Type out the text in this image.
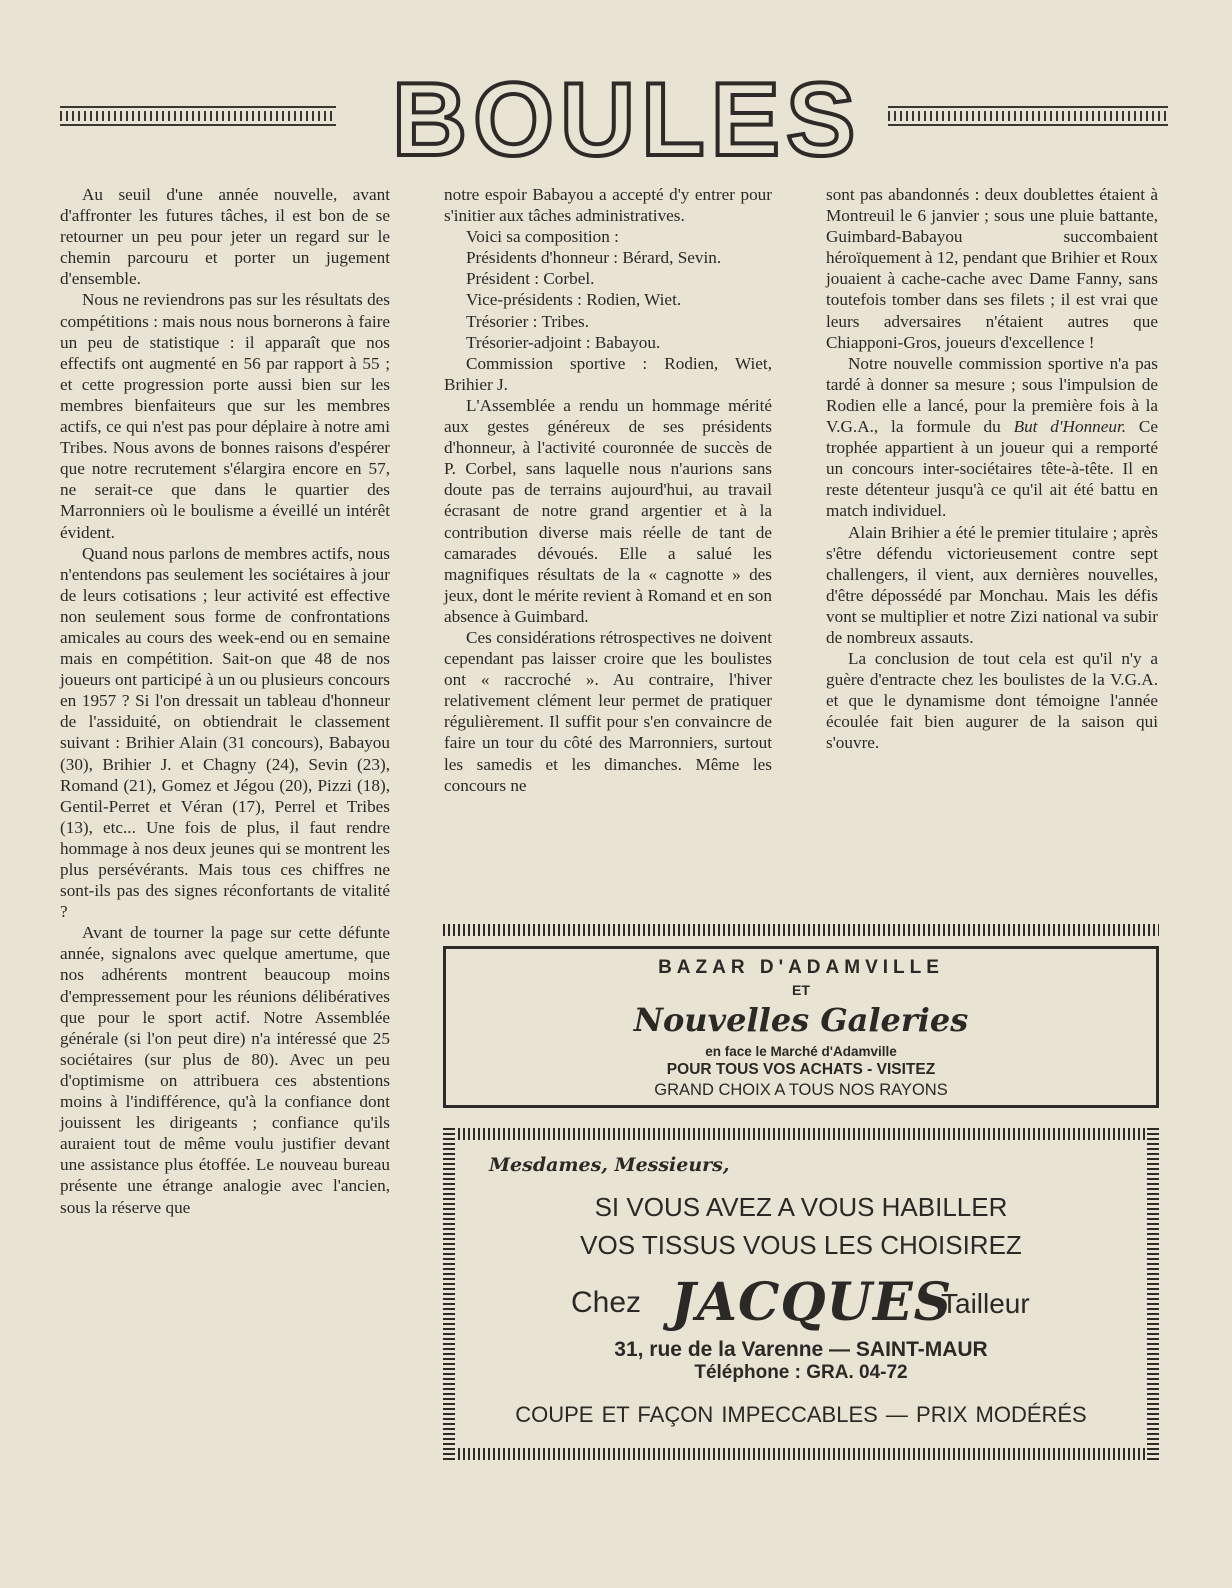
BOULES

Au seuil d'une année nouvelle, avant d'affronter les futures tâches, il est bon de se retourner un peu pour jeter un regard sur le chemin parcouru et porter un jugement d'ensemble.

Nous ne reviendrons pas sur les résultats des compétitions : mais nous nous bornerons à faire un peu de statistique : il apparaît que nos effectifs ont augmenté en 56 par rapport à 55 ; et cette progression porte aussi bien sur les membres bienfaiteurs que sur les membres actifs, ce qui n'est pas pour déplaire à notre ami Tribes. Nous avons de bonnes raisons d'espérer que notre recrutement s'élargira encore en 57, ne serait-ce que dans le quartier des Marronniers où le boulisme a éveillé un intérêt évident.

Quand nous parlons de membres actifs, nous n'entendons pas seulement les sociétaires à jour de leurs cotisations ; leur activité est effective non seulement sous forme de confrontations amicales au cours des week-end ou en semaine mais en compétition. Sait-on que 48 de nos joueurs ont participé à un ou plusieurs concours en 1957 ? Si l'on dressait un tableau d'honneur de l'assiduité, on obtiendrait le classement suivant : Brihier Alain (31 concours), Babayou (30), Brihier J. et Chagny (24), Sevin (23), Romand (21), Gomez et Jégou (20), Pizzi (18), Gentil-Perret et Véran (17), Perrel et Tribes (13), etc... Une fois de plus, il faut rendre hommage à nos deux jeunes qui se montrent les plus persévérants. Mais tous ces chiffres ne sont-ils pas des signes réconfortants de vitalité ?

Avant de tourner la page sur cette défunte année, signalons avec quelque amertume, que nos adhérents montrent beaucoup moins d'empressement pour les réunions délibératives que pour le sport actif. Notre Assemblée générale (si l'on peut dire) n'a intéressé que 25 sociétaires (sur plus de 80). Avec un peu d'optimisme on attribuera ces abstentions moins à l'indifférence, qu'à la confiance dont jouissent les dirigeants ; confiance qu'ils auraient tout de même voulu justifier devant une assistance plus étoffée. Le nouveau bureau présente une étrange analogie avec l'ancien, sous la réserve que

notre espoir Babayou a accepté d'y entrer pour s'initier aux tâches administratives.

Voici sa composition :

Présidents d'honneur : Bérard, Sevin.

Président : Corbel.

Vice-présidents : Rodien, Wiet.

Trésorier : Tribes.

Trésorier-adjoint : Babayou.

Commission sportive : Rodien, Wiet, Brihier J.

L'Assemblée a rendu un hommage mérité aux gestes généreux de ses présidents d'honneur, à l'activité couronnée de succès de P. Corbel, sans laquelle nous n'aurions sans doute pas de terrains aujourd'hui, au travail écrasant de notre grand argentier et à la contribution diverse mais réelle de tant de camarades dévoués. Elle a salué les magnifiques résultats de la « cagnotte » des jeux, dont le mérite revient à Romand et en son absence à Guimbard.

Ces considérations rétrospectives ne doivent cependant pas laisser croire que les boulistes ont « raccroché ». Au contraire, l'hiver relativement clément leur permet de pratiquer régulièrement. Il suffit pour s'en convaincre de faire un tour du côté des Marronniers, surtout les samedis et les dimanches. Même les concours ne

sont pas abandonnés : deux doublettes étaient à Montreuil le 6 janvier ; sous une pluie battante, Guimbard-Babayou succombaient héroïquement à 12, pendant que Brihier et Roux jouaient à cache-cache avec Dame Fanny, sans toutefois tomber dans ses filets ; il est vrai que leurs adversaires n'étaient autres que Chiapponi-Gros, joueurs d'excellence !

Notre nouvelle commission sportive n'a pas tardé à donner sa mesure ; sous l'impulsion de Rodien elle a lancé, pour la première fois à la V.G.A., la formule du But d'Honneur. Ce trophée appartient à un joueur qui a remporté un concours inter-sociétaires tête-à-tête. Il en reste détenteur jusqu'à ce qu'il ait été battu en match individuel.

Alain Brihier a été le premier titulaire ; après s'être défendu victorieusement contre sept challengers, il vient, aux dernières nouvelles, d'être dépossédé par Monchau. Mais les défis vont se multiplier et notre Zizi national va subir de nombreux assauts.

La conclusion de tout cela est qu'il n'y a guère d'entracte chez les boulistes de la V.G.A. et que le dynamisme dont témoigne l'année écoulée fait bien augurer de la saison qui s'ouvre.

BAZAR D'ADAMVILLE
ET
Nouvelles Galeries
en face le Marché d'Adamville
POUR TOUS VOS ACHATS - VISITEZ
GRAND CHOIX A TOUS NOS RAYONS
Mesdames, Messieurs,
SI VOUS AVEZ A VOUS HABILLER
VOS TISSUS VOUS LES CHOISIREZ
Chez JACQUES
Tailleur
31, rue de la Varenne — SAINT-MAUR
Téléphone : GRA. 04-72
COUPE ET FAÇON IMPECCABLES — PRIX MODÉRÉS
